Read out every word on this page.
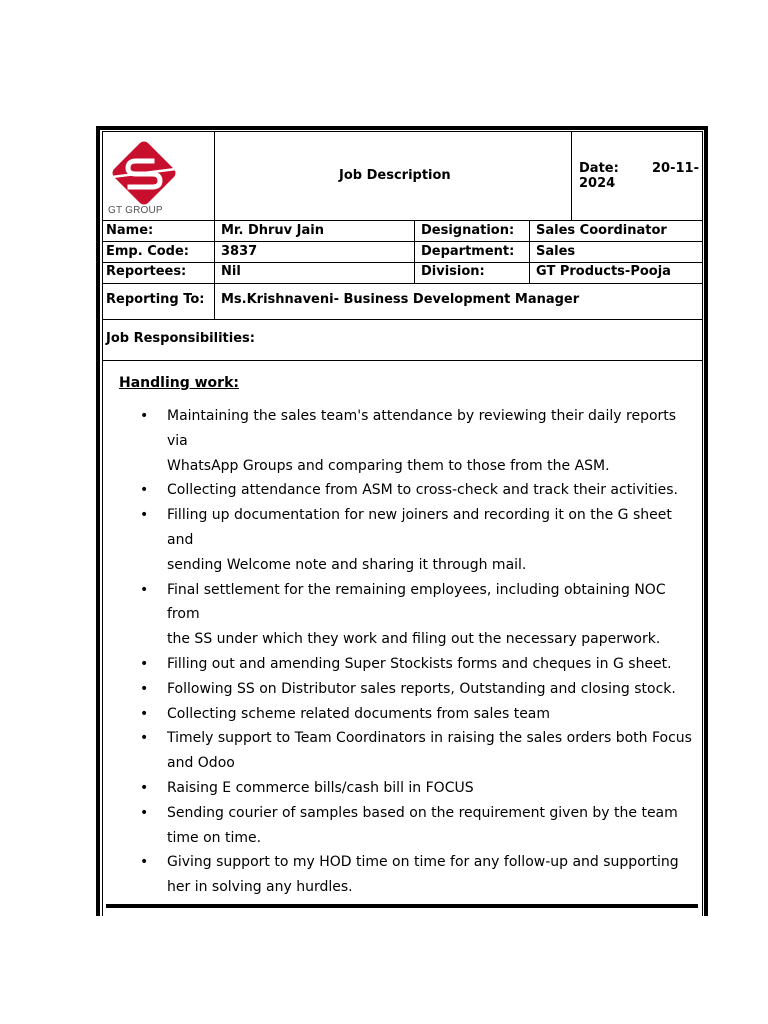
GT GROUP
Job Description	Date:	20-11-
2024
Name:	Mr. Dhruv Jain	Designation: Sales Coordinator
Emp. Code: 3837	Department: Sales
Reportees:	Nil	Division:	GT Products-Pooja
Reporting To: Ms.Krishnaveni- Business Development Manager
Job Responsibilities:
Handling work:
• Maintaining the sales team's attendance by reviewing their daily reports via
WhatsApp Groups and comparing them to those from the ASM.
• Collecting attendance from ASM to cross-check and track their activities.
• Filling up documentation for new joiners and recording it on the G sheet and
sending Welcome note and sharing it through mail.
• Final settlement for the remaining employees, including obtaining NOC from
the SS under which they work and filing out the necessary paperwork.
• Filling out and amending Super Stockists forms and cheques in G sheet.
• Following SS on Distributor sales reports, Outstanding and closing stock.
• Collecting scheme related documents from sales team
• Timely support to Team Coordinators in raising the sales orders both Focus
and Odoo
• Raising E commerce bills/cash bill in FOCUS
• Sending courier of samples based on the requirement given by the team
time on time.
• Giving support to my HOD time on time for any follow-up and supporting
her in solving any hurdles.
